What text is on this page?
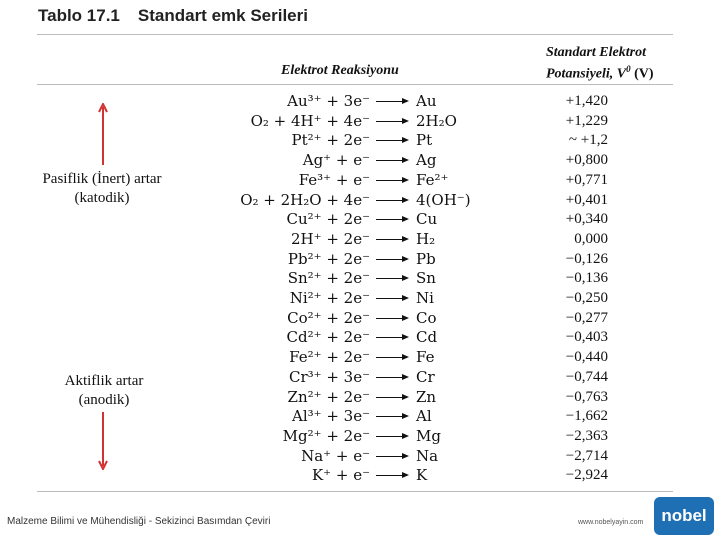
Tablo 17.1 Standart emk Serileri
Elektrot Reaksiyonu
Standart Elektrot
Potansiyeli, $V^0$ (V)
Pasiflik (İnert) artar
(katodik)
Aktiflik artar
(anodik)
Au³⁺ + 3e⁻	Au	+1,420
O₂ + 4H⁺ + 4e⁻	2H₂O	+1,229
Pt²⁺ + 2e⁻	Pt	~ +1,2
Ag⁺ + e⁻	Ag	+0,800
Fe³⁺ + e⁻	Fe²⁺	+0,771
O₂ + 2H₂O + 4e⁻	4(OH⁻)	+0,401
Cu²⁺ + 2e⁻	Cu	+0,340
2H⁺ + 2e⁻	H₂	0,000
Pb²⁺ + 2e⁻	Pb	−0,126
Sn²⁺ + 2e⁻	Sn	−0,136
Ni²⁺ + 2e⁻	Ni	−0,250
Co²⁺ + 2e⁻	Co	−0,277
Cd²⁺ + 2e⁻	Cd	−0,403
Fe²⁺ + 2e⁻	Fe	−0,440
Cr³⁺ + 3e⁻	Cr	−0,744
Zn²⁺ + 2e⁻	Zn	−0,763
Al³⁺ + 3e⁻	Al	−1,662
Mg²⁺ + 2e⁻	Mg	−2,363
Na⁺ + e⁻	Na	−2,714
K⁺ + e⁻	K	−2,924
Malzeme Bilimi ve Mühendisliği - Sekizinci Basımdan Çeviri	www.nobelyayin.com	nobel
